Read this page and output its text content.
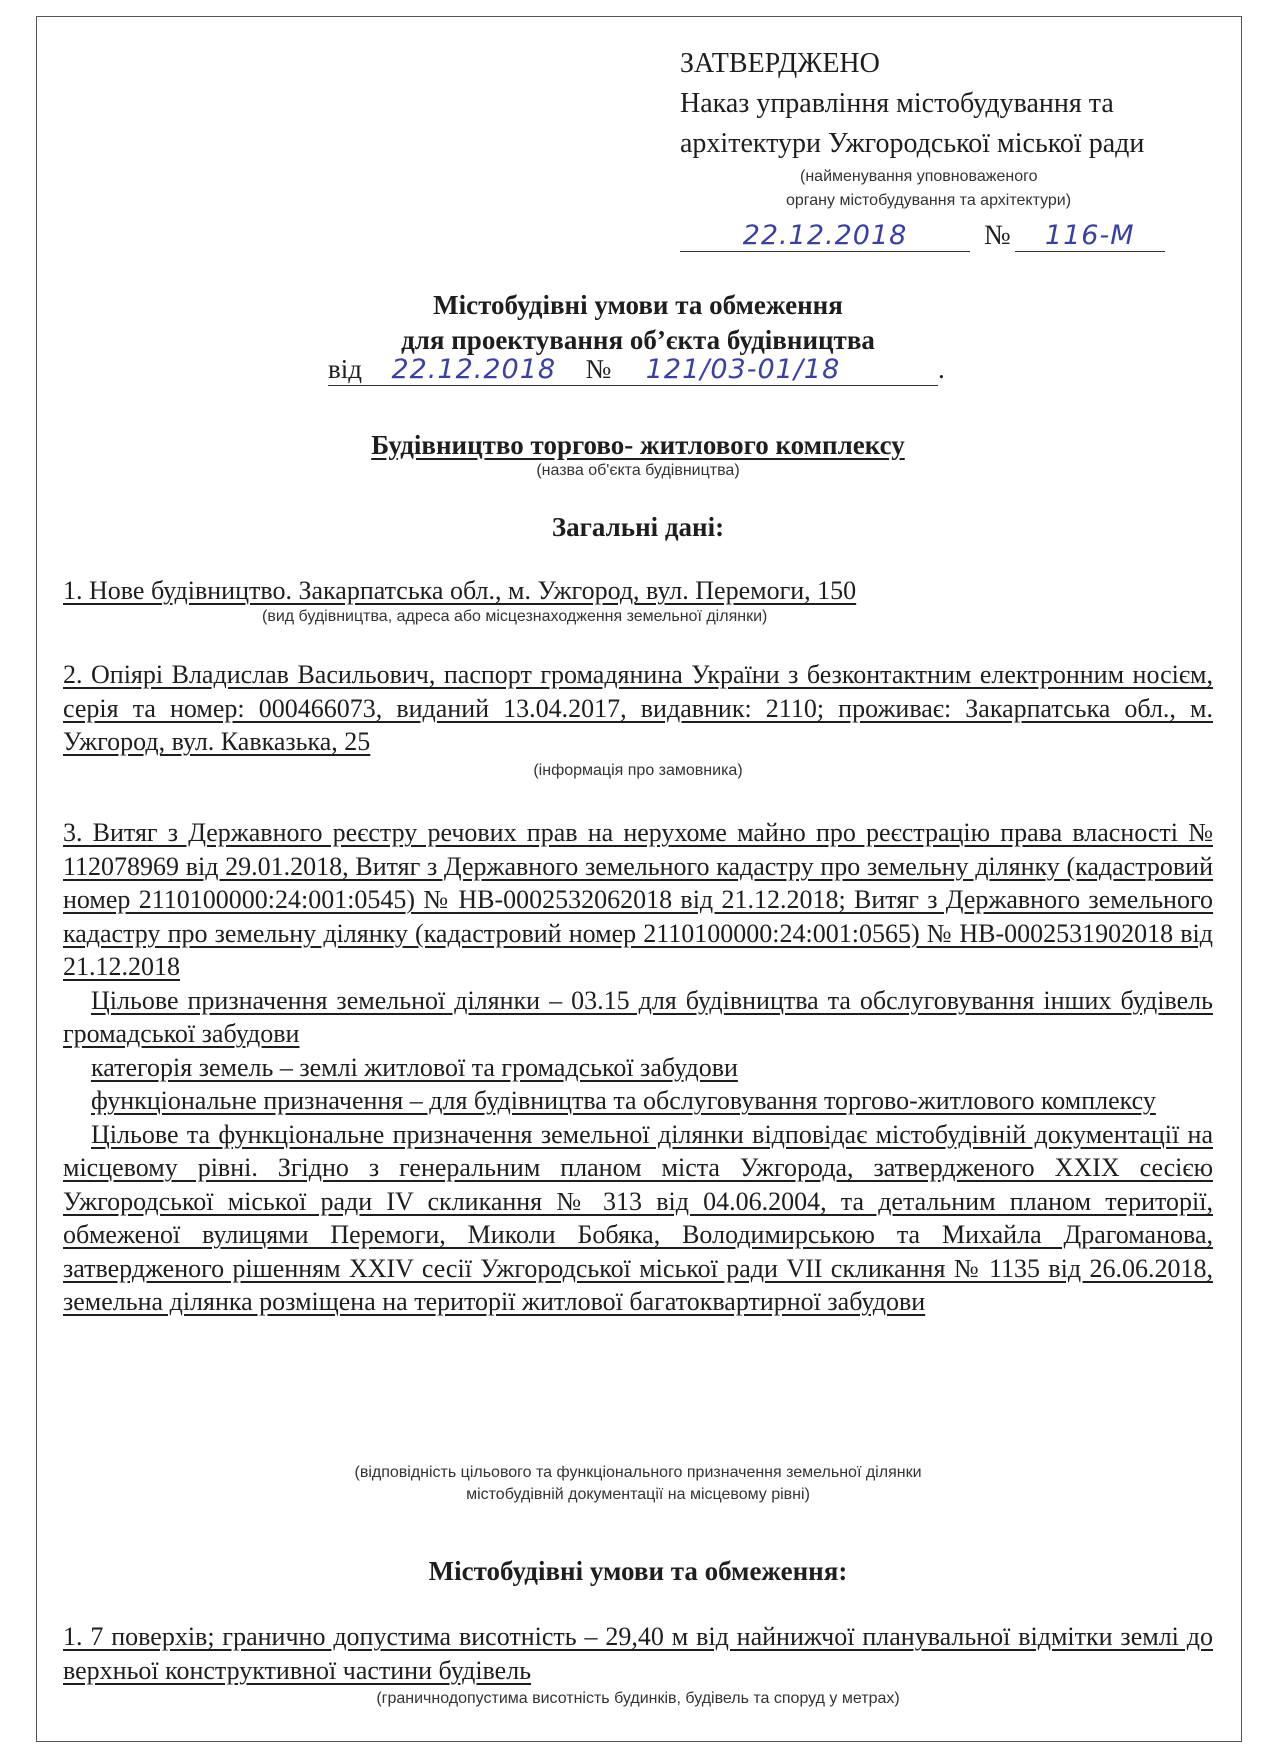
ЗАТВЕРДЖЕНО
Наказ управління містобудування та
архітектури Ужгородської міської ради
(найменування уповноваженого
органу містобудування та архітектури)
22.12.2018	№ 116-М
Містобудівні умови та обмеження
для проектування об’єкта будівництва
від 22.12.2018 № 121/03-01/18	.
Будівництво торгово- житлового комплексу
(назва об'єкта будівництва)
Загальні дані:
1. Нове будівництво. Закарпатська обл., м. Ужгород, вул. Перемоги, 150
(вид будівництва, адреса або місцезнаходження земельної ділянки)
2. Опіярі Владислав Васильович, паспорт громадянина України з безконтактним електронним носієм, серія та номер: 000466073, виданий 13.04.2017, видавник: 2110; проживає: Закарпатська обл., м. Ужгород, вул. Кавказька, 25
(інформація про замовника)
3. Витяг з Державного реєстру речових прав на нерухоме майно про реєстрацію права власності № 112078969 від 29.01.2018, Витяг з Державного земельного кадастру про земельну ділянку (кадастровий номер 2110100000:24:001:0545) № НВ-0002532062018 від 21.12.2018; Витяг з Державного земельного кадастру про земельну ділянку (кадастровий номер 2110100000:24:001:0565) № НВ-0002531902018 від 21.12.2018
Цільове призначення земельної ділянки – 03.15 для будівництва та обслуговування інших будівель громадської забудови
категорія земель – землі житлової та громадської забудови
функціональне призначення – для будівництва та обслуговування торгово-житлового комплексу
Цільове та функціональне призначення земельної ділянки відповідає містобудівній документації на місцевому рівні. Згідно з генеральним планом міста Ужгорода, затвердженого XXIX сесією Ужгородської міської ради IV скликання № 313 від 04.06.2004, та детальним планом території, обмеженої вулицями Перемоги, Миколи Бобяка, Володимирською та Михайла Драгоманова, затвердженого рішенням XXIV сесії Ужгородської міської ради VII скликання № 1135 від 26.06.2018, земельна ділянка розміщена на території житлової багатоквартирної забудови
(відповідність цільового та функціонального призначення земельної ділянки
містобудівній документації на місцевому рівні)
Містобудівні умови та обмеження:
1. 7 поверхів; гранично допустима висотність – 29,40 м від найнижчої планувальної відмітки землі до верхньої конструктивної частини будівель
(граничнодопустима висотність будинків, будівель та споруд у метрах)
